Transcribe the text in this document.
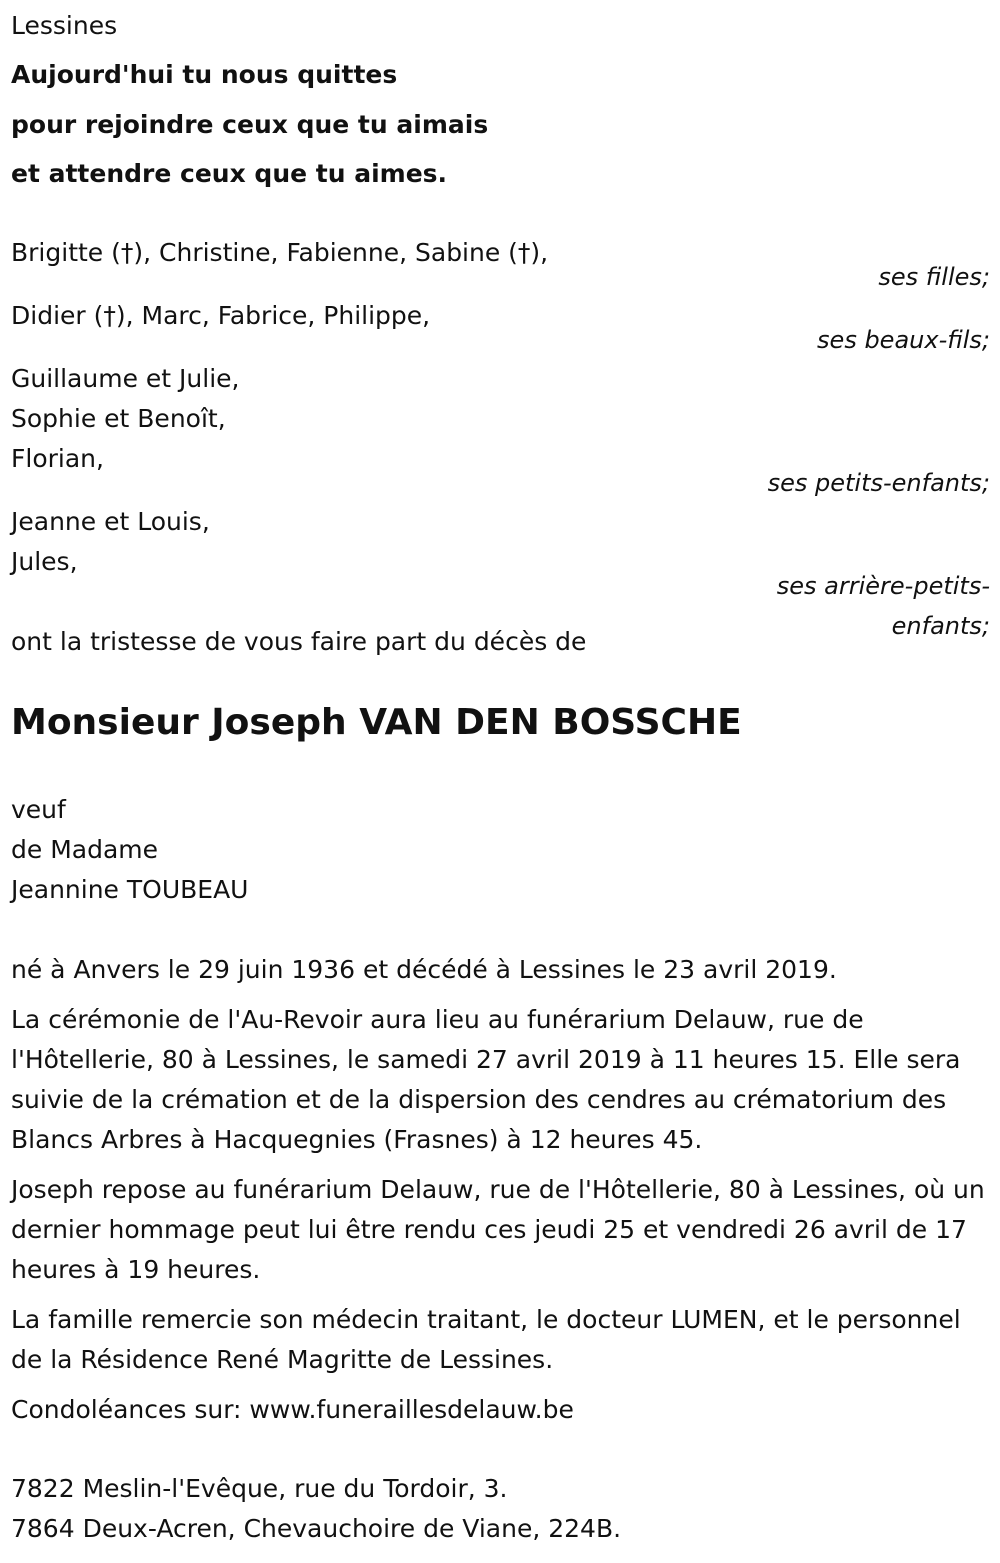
Lessines
Aujourd'hui tu nous quittes
pour rejoindre ceux que tu aimais
et attendre ceux que tu aimes.
Brigitte (†), Christine, Fabienne, Sabine (†),
ses filles;
Didier (†), Marc, Fabrice, Philippe,
ses beaux-fils;
Guillaume et Julie,
Sophie et Benoît,
Florian,
ses petits-enfants;
Jeanne et Louis,
Jules,
ses arrière-petits-
enfants;
ont la tristesse de vous faire part du décès de
Monsieur Joseph VAN DEN BOSSCHE
veuf
de Madame
Jeannine TOUBEAU
né à Anvers le 29 juin 1936 et décédé à Lessines le 23 avril 2019.
La cérémonie de l'Au-Revoir aura lieu au funérarium Delauw, rue de l'Hôtellerie, 80 à Lessines, le samedi 27 avril 2019 à 11 heures 15. Elle sera suivie de la crémation et de la dispersion des cendres au crématorium des Blancs Arbres à Hacquegnies (Frasnes) à 12 heures 45.
Joseph repose au funérarium Delauw, rue de l'Hôtellerie, 80 à Lessines, où un dernier hommage peut lui être rendu ces jeudi 25 et vendredi 26 avril de 17 heures à 19 heures.
La famille remercie son médecin traitant, le docteur LUMEN, et le personnel de la Résidence René Magritte de Lessines.
Condoléances sur: www.funeraillesdelauw.be
7822 Meslin-l'Evêque, rue du Tordoir, 3.
7864 Deux-Acren, Chevauchoire de Viane, 224B.
